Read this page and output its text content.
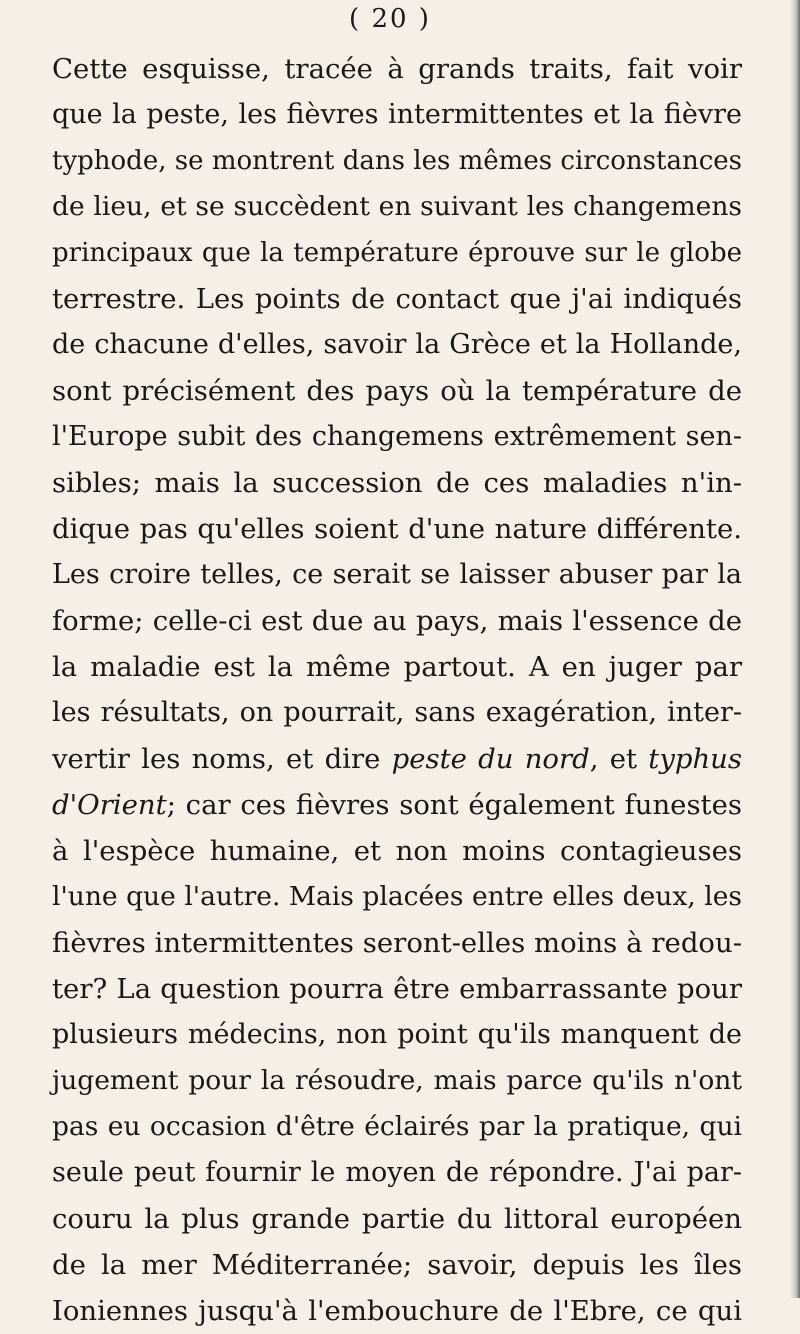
( 20 )
Cette esquisse, tracée à grands traits, fait voir
que la peste, les fièvres intermittentes et la fièvre
typhode, se montrent dans les mêmes circonstances
de lieu, et se succèdent en suivant les changemens
principaux que la température éprouve sur le globe
terrestre. Les points de contact que j'ai indiqués
de chacune d'elles, savoir la Grèce et la Hollande,
sont précisément des pays où la température de
l'Europe subit des changemens extrêmement sen-
sibles; mais la succession de ces maladies n'in-
dique pas qu'elles soient d'une nature différente.
Les croire telles, ce serait se laisser abuser par la
forme; celle-ci est due au pays, mais l'essence de
la maladie est la même partout. A en juger par
les résultats, on pourrait, sans exagération, inter-
vertir les noms, et dire peste du nord, et typhus
d'Orient; car ces fièvres sont également funestes
à l'espèce humaine, et non moins contagieuses
l'une que l'autre. Mais placées entre elles deux, les
fièvres intermittentes seront-elles moins à redou-
ter? La question pourra être embarrassante pour
plusieurs médecins, non point qu'ils manquent de
jugement pour la résoudre, mais parce qu'ils n'ont
pas eu occasion d'être éclairés par la pratique, qui
seule peut fournir le moyen de répondre. J'ai par-
couru la plus grande partie du littoral européen
de la mer Méditerranée; savoir, depuis les îles
Ioniennes jusqu'à l'embouchure de l'Ebre, ce qui
